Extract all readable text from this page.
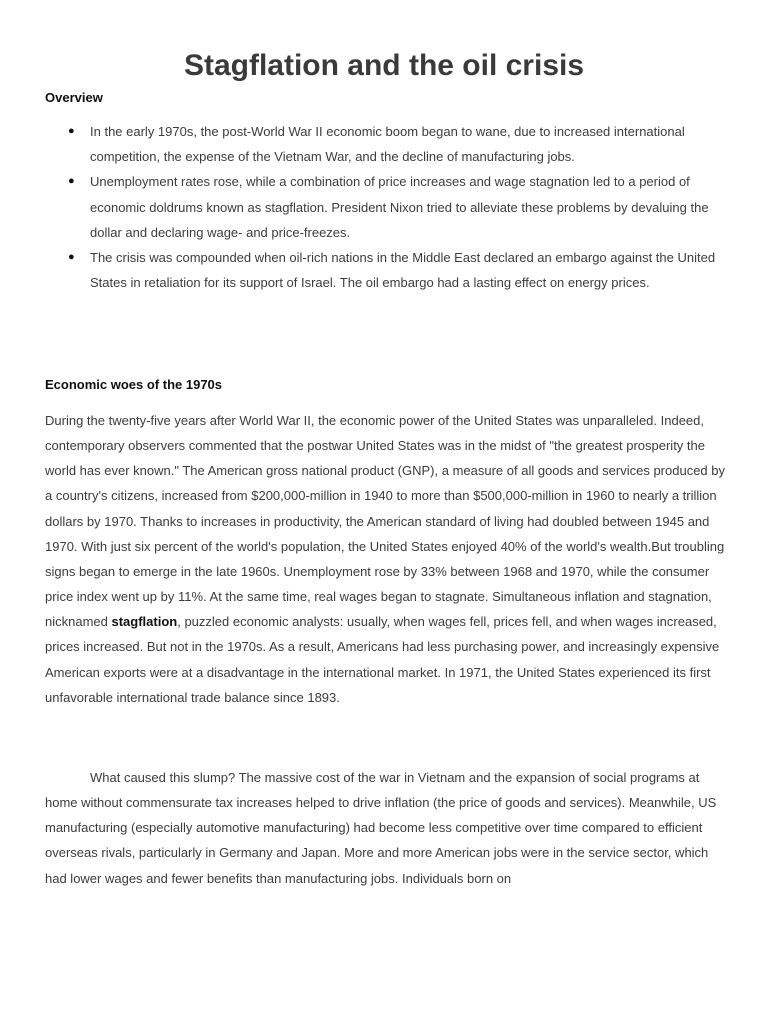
Stagflation and the oil crisis
Overview
● In the early 1970s, the post-World War II economic boom began to wane, due to increased international competition, the expense of the Vietnam War, and the decline of manufacturing jobs.
● Unemployment rates rose, while a combination of price increases and wage stagnation led to a period of economic doldrums known as stagflation. President Nixon tried to alleviate these problems by devaluing the dollar and declaring wage- and price-freezes.
● The crisis was compounded when oil-rich nations in the Middle East declared an embargo against the United States in retaliation for its support of Israel. The oil embargo had a lasting effect on energy prices.
Economic woes of the 1970s

During the twenty-five years after World War II, the economic power of the United States was unparalleled. Indeed, contemporary observers commented that the postwar United States was in the midst of "the greatest prosperity the world has ever known." The American gross national product (GNP), a measure of all goods and services produced by a country's citizens, increased from $200,000-million in 1940 to more than $500,000-million in 1960 to nearly a trillion dollars by 1970. Thanks to increases in productivity, the American standard of living had doubled between 1945 and 1970. With just six percent of the world's population, the United States enjoyed 40% of the world's wealth.But troubling signs began to emerge in the late 1960s. Unemployment rose by 33% between 1968 and 1970, while the consumer price index went up by 11%. At the same time, real wages began to stagnate. Simultaneous inflation and stagnation, nicknamed stagflation, puzzled economic analysts: usually, when wages fell, prices fell, and when wages increased, prices increased. But not in the 1970s. As a result, Americans had less purchasing power, and increasingly expensive American exports were at a disadvantage in the international market. In 1971, the United States experienced its first unfavorable international trade balance since 1893.

What caused this slump? The massive cost of the war in Vietnam and the expansion of social programs at home without commensurate tax increases helped to drive inflation (the price of goods and services). Meanwhile, US manufacturing (especially automotive manufacturing) had become less competitive over time compared to efficient overseas rivals, particularly in Germany and Japan. More and more American jobs were in the service sector, which had lower wages and fewer benefits than manufacturing jobs. Individuals born on
